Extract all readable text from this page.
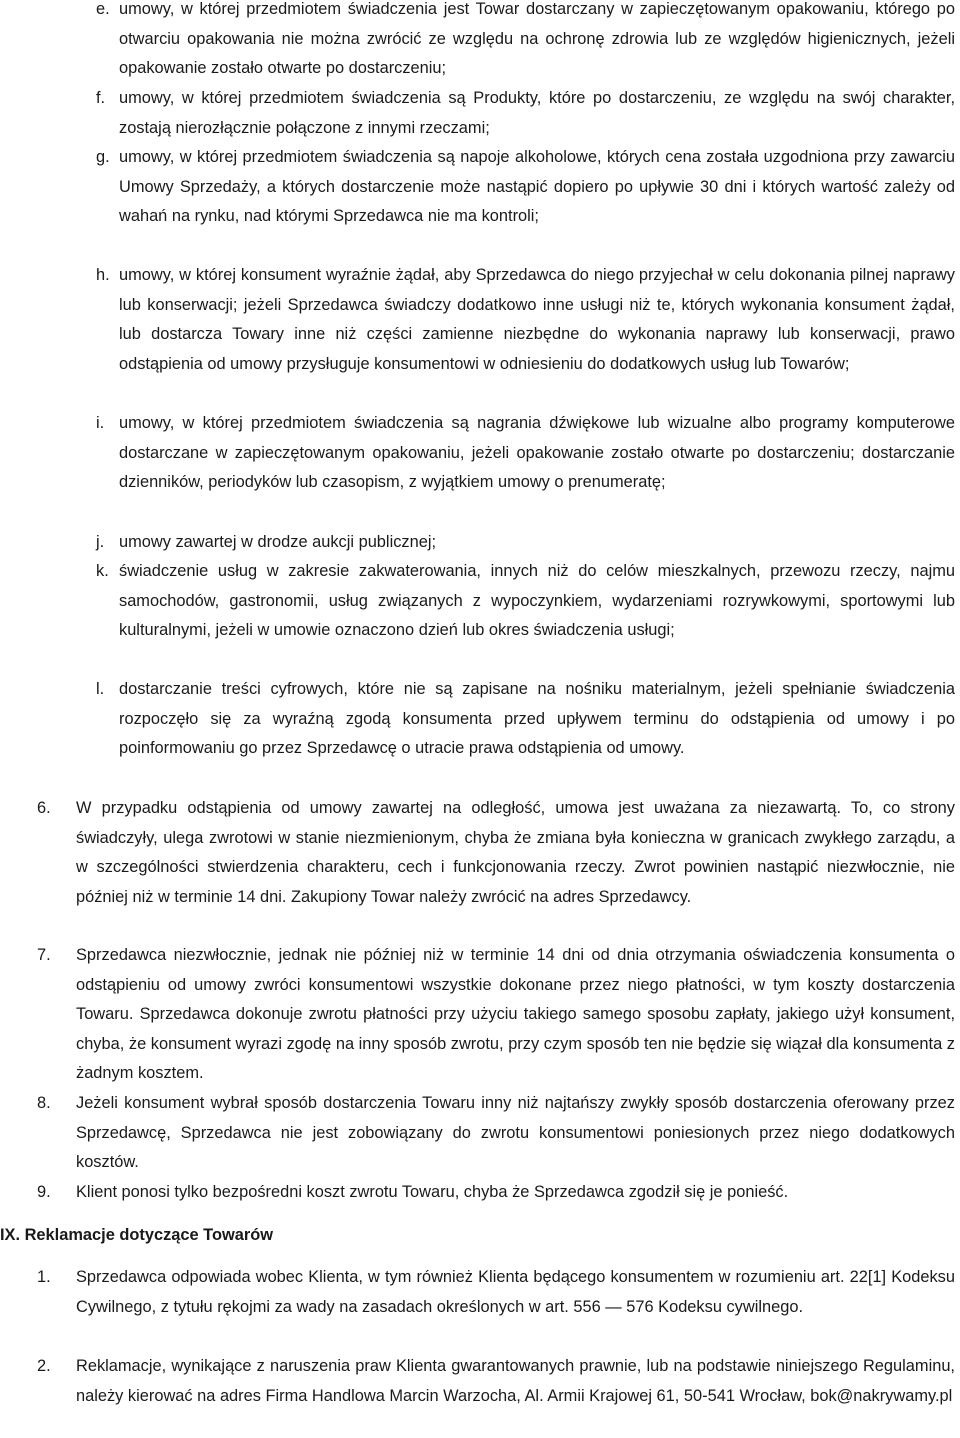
e. umowy, w której przedmiotem świadczenia jest Towar dostarczany w zapieczętowanym opakowaniu, którego po otwarciu opakowania nie można zwrócić ze względu na ochronę zdrowia lub ze względów higienicznych, jeżeli opakowanie zostało otwarte po dostarczeniu;

f. umowy, w której przedmiotem świadczenia są Produkty, które po dostarczeniu, ze względu na swój charakter, zostają nierozłącznie połączone z innymi rzeczami;

g. umowy, w której przedmiotem świadczenia są napoje alkoholowe, których cena została uzgodniona przy zawarciu Umowy Sprzedaży, a których dostarczenie może nastąpić dopiero po upływie 30 dni i których wartość zależy od wahań na rynku, nad którymi Sprzedawca nie ma kontroli;

h. umowy, w której konsument wyraźnie żądał, aby Sprzedawca do niego przyjechał w celu dokonania pilnej naprawy lub konserwacji; jeżeli Sprzedawca świadczy dodatkowo inne usługi niż te, których wykonania konsument żądał, lub dostarcza Towary inne niż części zamienne niezbędne do wykonania naprawy lub konserwacji, prawo odstąpienia od umowy przysługuje konsumentowi w odniesieniu do dodatkowych usług lub Towarów;

i. umowy, w której przedmiotem świadczenia są nagrania dźwiękowe lub wizualne albo programy komputerowe dostarczane w zapieczętowanym opakowaniu, jeżeli opakowanie zostało otwarte po dostarczeniu; dostarczanie dzienników, periodyków lub czasopism, z wyjątkiem umowy o prenumeratę;

j. umowy zawartej w drodze aukcji publicznej;

k. świadczenie usług w zakresie zakwaterowania, innych niż do celów mieszkalnych, przewozu rzeczy, najmu samochodów, gastronomii, usług związanych z wypoczynkiem, wydarzeniami rozrywkowymi, sportowymi lub kulturalnymi, jeżeli w umowie oznaczono dzień lub okres świadczenia usługi;

l. dostarczanie treści cyfrowych, które nie są zapisane na nośniku materialnym, jeżeli spełnianie świadczenia rozpoczęło się za wyraźną zgodą konsumenta przed upływem terminu do odstąpienia od umowy i po poinformowaniu go przez Sprzedawcę o utracie prawa odstąpienia od umowy.

6. W przypadku odstąpienia od umowy zawartej na odległość, umowa jest uważana za niezawartą. To, co strony świadczyły, ulega zwrotowi w stanie niezmienionym, chyba że zmiana była konieczna w granicach zwykłego zarządu, a w szczególności stwierdzenia charakteru, cech i funkcjonowania rzeczy. Zwrot powinien nastąpić niezwłocznie, nie później niż w terminie 14 dni. Zakupiony Towar należy zwrócić na adres Sprzedawcy.

7. Sprzedawca niezwłocznie, jednak nie później niż w terminie 14 dni od dnia otrzymania oświadczenia konsumenta o odstąpieniu od umowy zwróci konsumentowi wszystkie dokonane przez niego płatności, w tym koszty dostarczenia Towaru. Sprzedawca dokonuje zwrotu płatności przy użyciu takiego samego sposobu zapłaty, jakiego użył konsument, chyba, że konsument wyrazi zgodę na inny sposób zwrotu, przy czym sposób ten nie będzie się wiązał dla konsumenta z żadnym kosztem.

8. Jeżeli konsument wybrał sposób dostarczenia Towaru inny niż najtańszy zwykły sposób dostarczenia oferowany przez Sprzedawcę, Sprzedawca nie jest zobowiązany do zwrotu konsumentowi poniesionych przez niego dodatkowych kosztów.

9. Klient ponosi tylko bezpośredni koszt zwrotu Towaru, chyba że Sprzedawca zgodził się je ponieść.

IX. Reklamacje dotyczące Towarów
1. Sprzedawca odpowiada wobec Klienta, w tym również Klienta będącego konsumentem w rozumieniu art. 22[1] Kodeksu Cywilnego, z tytułu rękojmi za wady na zasadach określonych w art. 556 — 576 Kodeksu cywilnego.

2. Reklamacje, wynikające z naruszenia praw Klienta gwarantowanych prawnie, lub na podstawie niniejszego Regulaminu, należy kierować na adres Firma Handlowa Marcin Warzocha, Al. Armii Krajowej 61, 50-541 Wrocław, bok@nakrywamy.pl
